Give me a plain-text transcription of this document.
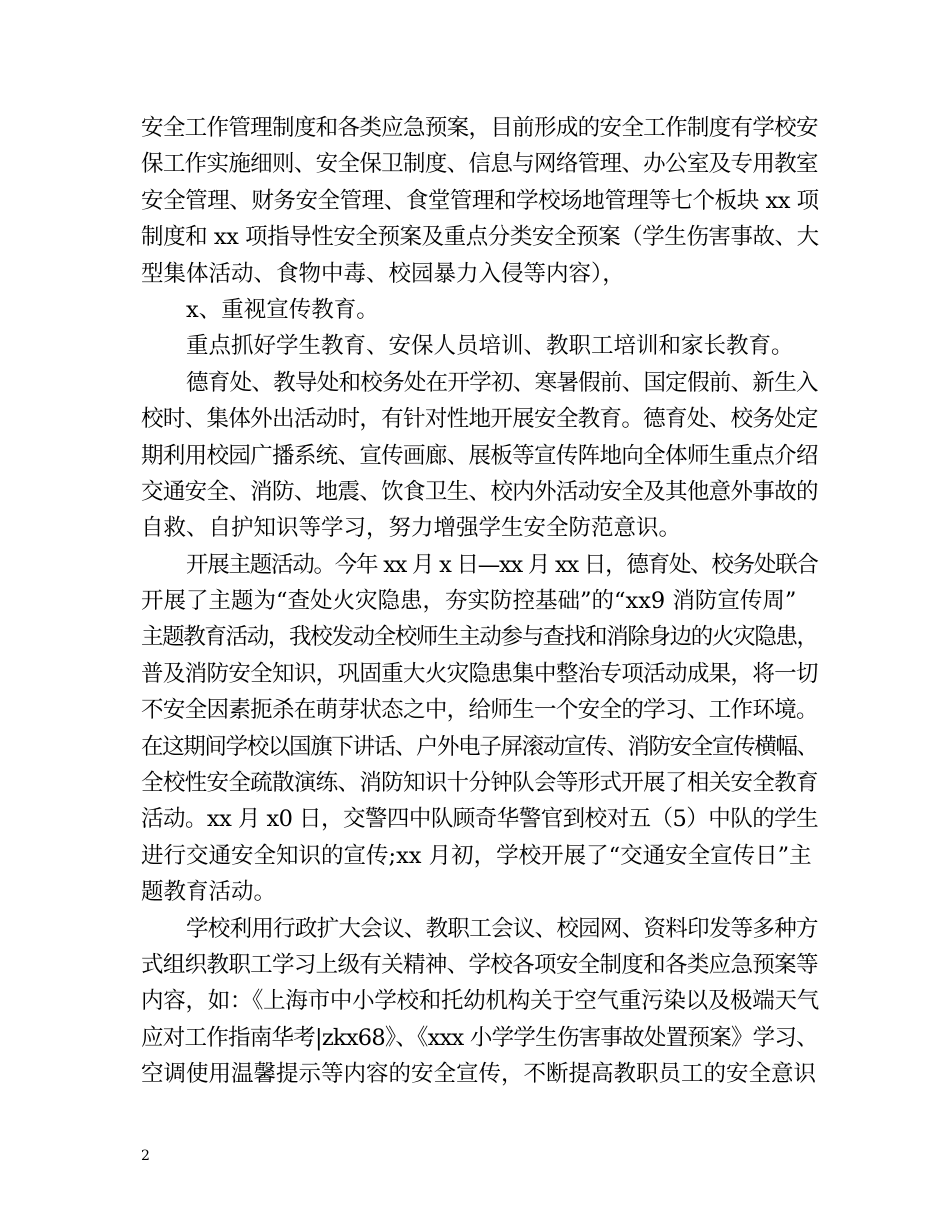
安全工作管理制度和各类应急预案，目前形成的安全工作制度有学校安
保工作实施细则、安全保卫制度、信息与网络管理、办公室及专用教室
安全管理、财务安全管理、食堂管理和学校场地管理等七个板块 xx 项
制度和 xx 项指导性安全预案及重点分类安全预案（学生伤害事故、大
型集体活动、食物中毒、校园暴力入侵等内容），
x、重视宣传教育。
重点抓好学生教育、安保人员培训、教职工培训和家长教育。
德育处、教导处和校务处在开学初、寒暑假前、国定假前、新生入
校时、集体外出活动时，有针对性地开展安全教育。德育处、校务处定
期利用校园广播系统、宣传画廊、展板等宣传阵地向全体师生重点介绍
交通安全、消防、地震、饮食卫生、校内外活动安全及其他意外事故的
自救、自护知识等学习，努力增强学生安全防范意识。
开展主题活动。今年 xx 月 x 日—xx 月 xx 日，德育处、校务处联合
开展了主题为“查处火灾隐患，夯实防控基础”的“xx9 消防宣传周”
主题教育活动，我校发动全校师生主动参与查找和消除身边的火灾隐患，
普及消防安全知识，巩固重大火灾隐患集中整治专项活动成果，将一切
不安全因素扼杀在萌芽状态之中，给师生一个安全的学习、工作环境。
在这期间学校以国旗下讲话、户外电子屏滚动宣传、消防安全宣传横幅、
全校性安全疏散演练、消防知识十分钟队会等形式开展了相关安全教育
活动。xx 月 x0 日，交警四中队顾奇华警官到校对五（5）中队的学生
进行交通安全知识的宣传;xx 月初，学校开展了“交通安全宣传日”主
题教育活动。
学校利用行政扩大会议、教职工会议、校园网、资料印发等多种方
式组织教职工学习上级有关精神、学校各项安全制度和各类应急预案等
内容，如：《上海市中小学校和托幼机构关于空气重污染以及极端天气
应对工作指南华考|zkx68》、《xxx 小学学生伤害事故处置预案》学习、
空调使用温馨提示等内容的安全宣传，不断提高教职员工的安全意识
2
